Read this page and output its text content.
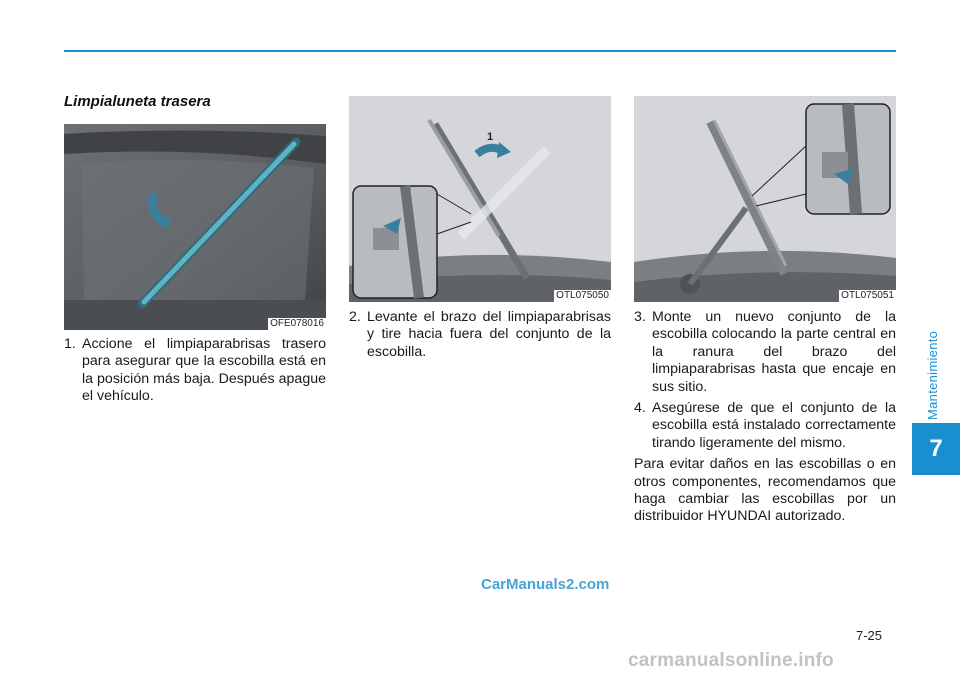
Mantenimiento
7
Limpialuneta trasera
OFE078016
1
OTL075050	OTL075051
1. Accione el limpiaparabrisas trasero para asegurar que la escobilla está en la posición más baja. Después apague el vehículo.
2. Levante el brazo del limpiaparabrisas y tire hacia fuera del conjunto de la escobilla.
3. Monte un nuevo conjunto de la escobilla colocando la parte central en la ranura del brazo del limpiaparabrisas hasta que encaje en sus sitio.
4. Asegúrese de que el conjunto de la escobilla está instalado correctamente tirando ligeramente del mismo.
Para evitar daños en las escobillas o en otros componentes, recomendamos que haga cambiar las escobillas por un distribuidor HYUNDAI autorizado.
CarManuals2.com
7-25
carmanualsonline.info
